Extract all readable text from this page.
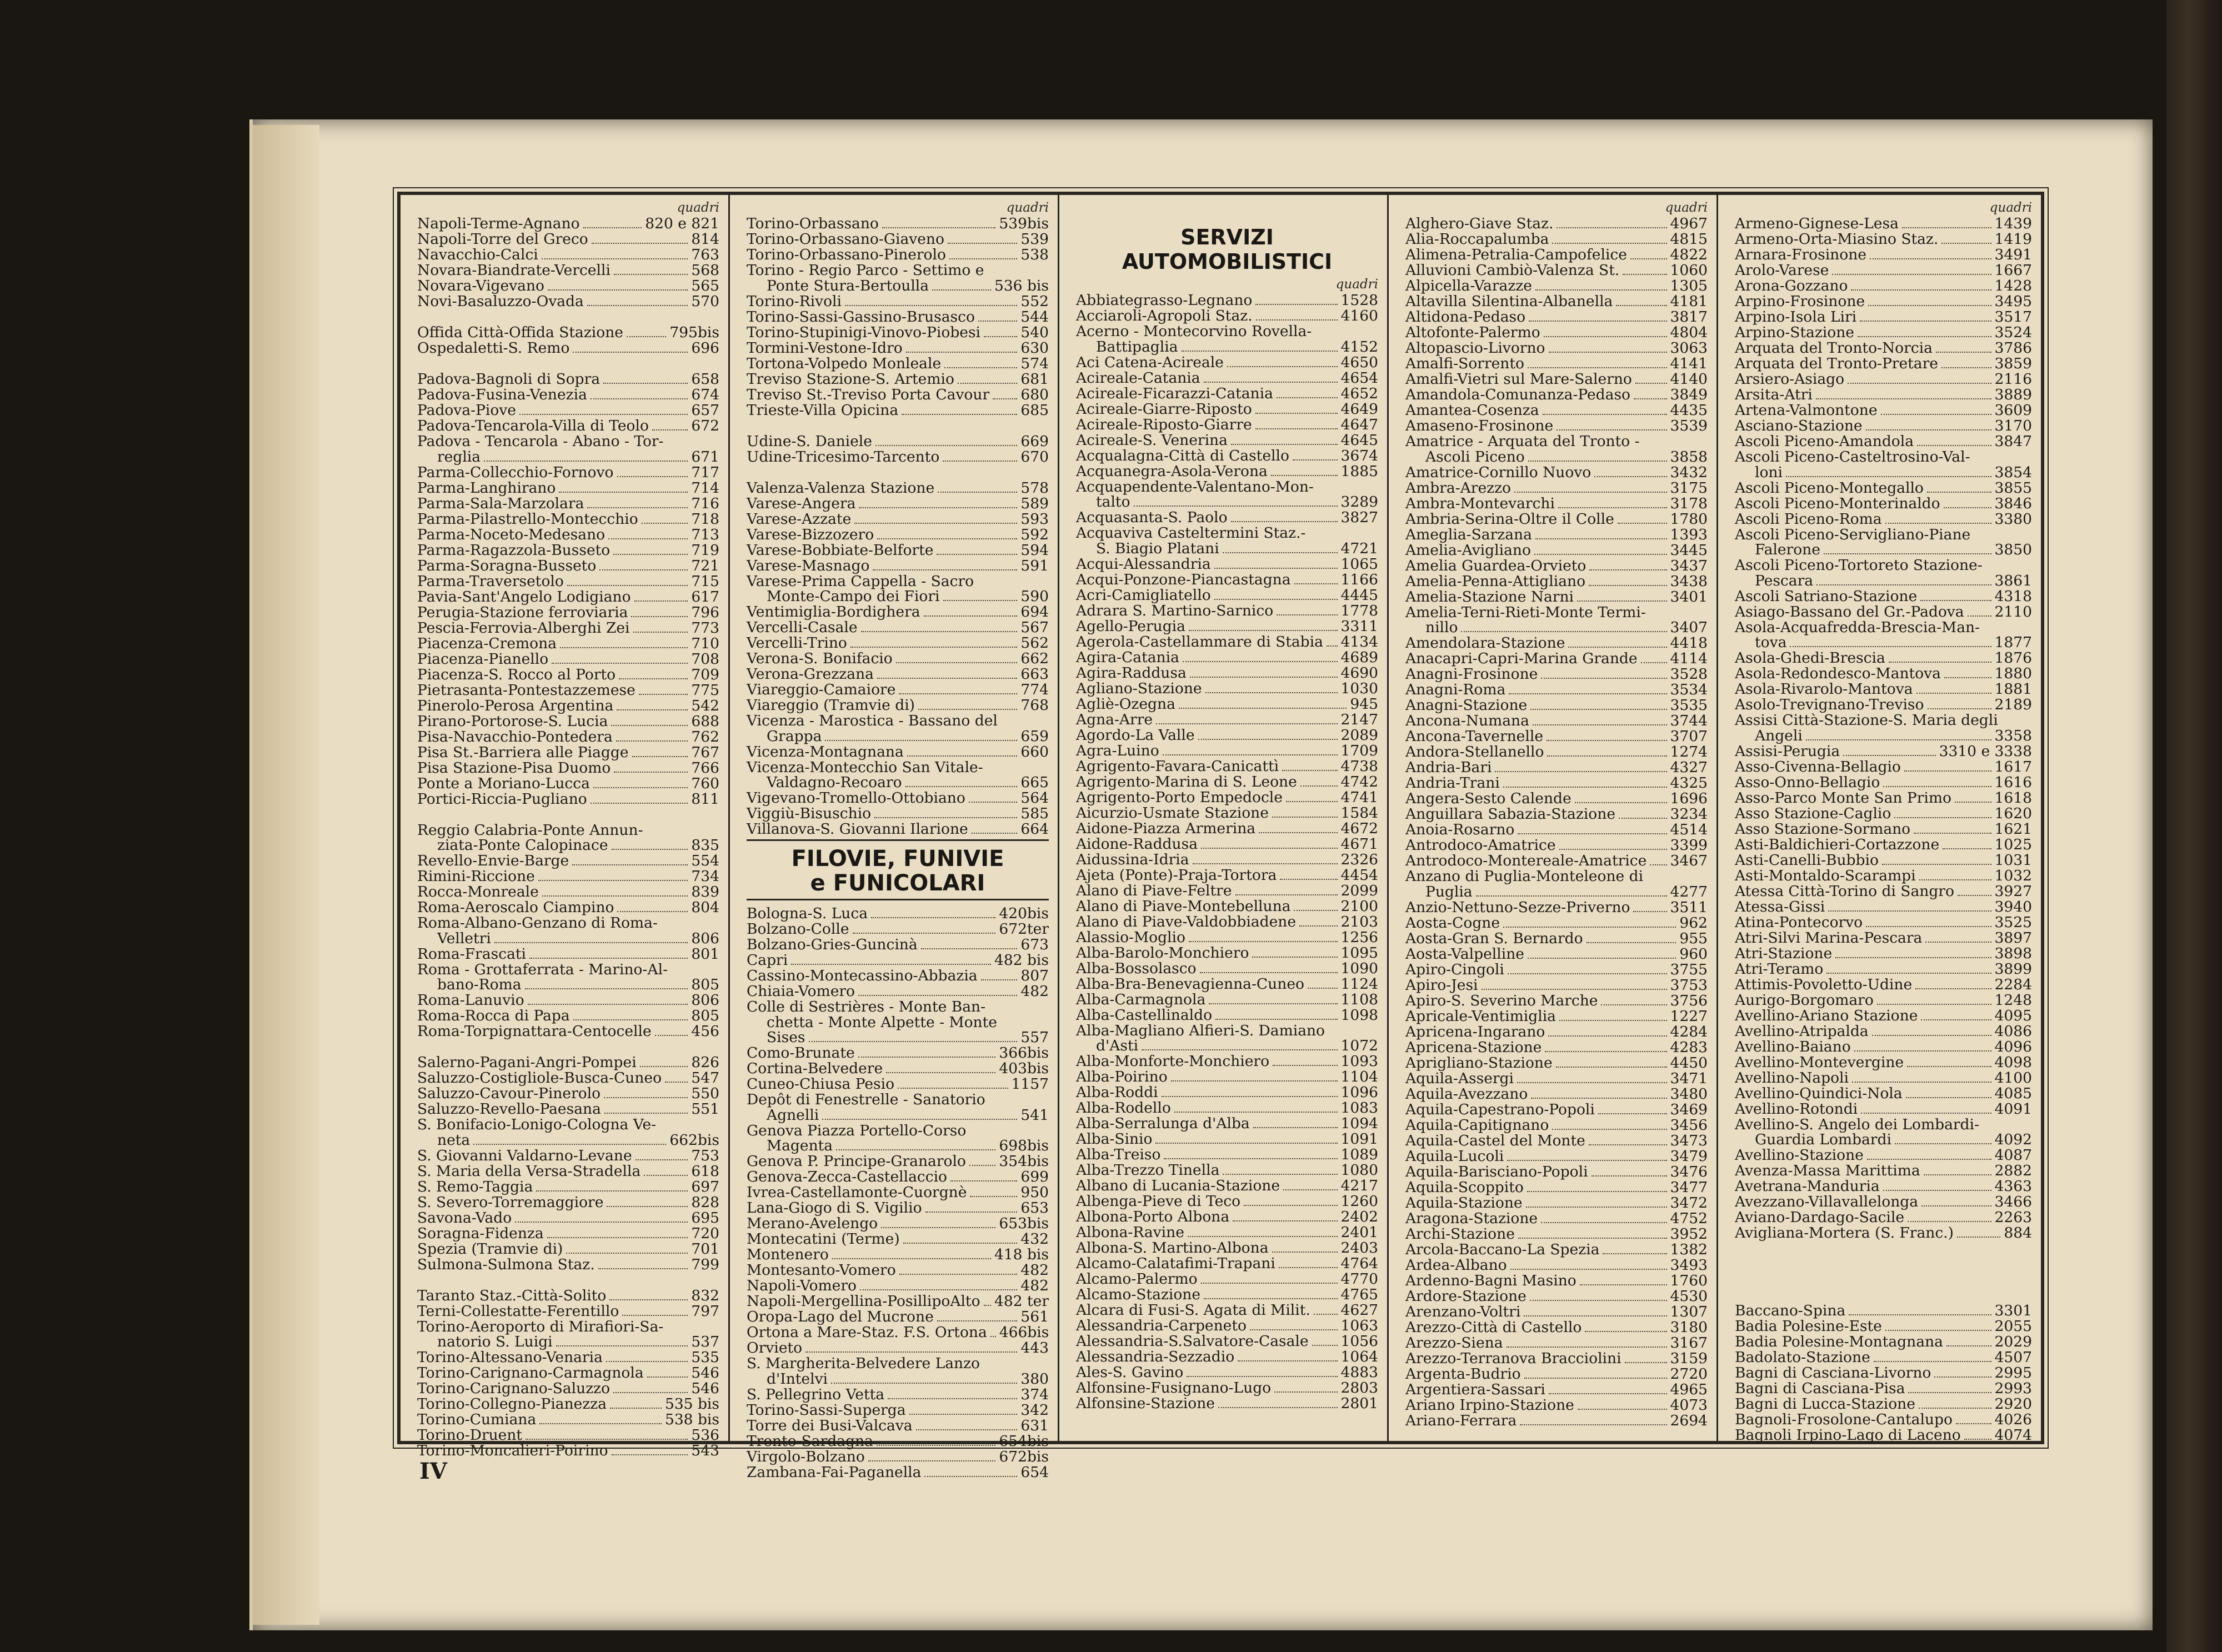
quadri
Napoli-Terme-Agnano	820 e 821
Napoli-Torre del Greco	814
Navacchio-Calci	763
Novara-Biandrate-Vercelli	568
Novara-Vigevano	565
Novi-Basaluzzo-Ovada	570
Offida Città-Offida Stazione	795bis
Ospedaletti-S. Remo	696
Padova-Bagnoli di Sopra	658
Padova-Fusina-Venezia	674
Padova-Piove	657
Padova-Tencarola-Villa di Teolo	672
Padova - Tencarola - Abano - Tor-
reglia	671
Parma-Collecchio-Fornovo	717
Parma-Langhirano	714
Parma-Sala-Marzolara	716
Parma-Pilastrello-Montecchio	718
Parma-Noceto-Medesano	713
Parma-Ragazzola-Busseto	719
Parma-Soragna-Busseto	721
Parma-Traversetolo	715
Pavia-Sant'Angelo Lodigiano	617
Perugia-Stazione ferroviaria	796
Pescia-Ferrovia-Alberghi Zei	773
Piacenza-Cremona	710
Piacenza-Pianello	708
Piacenza-S. Rocco al Porto	709
Pietrasanta-Pontestazzemese	775
Pinerolo-Perosa Argentina	542
Pirano-Portorose-S. Lucia	688
Pisa-Navacchio-Pontedera	762
Pisa St.-Barriera alle Piagge	767
Pisa Stazione-Pisa Duomo	766
Ponte a Moriano-Lucca	760
Portici-Riccia-Pugliano	811
Reggio Calabria-Ponte Annun-
ziata-Ponte Calopinace	835
Revello-Envie-Barge	554
Rimini-Riccione	734
Rocca-Monreale	839
Roma-Aeroscalo Ciampino	804
Roma-Albano-Genzano di Roma-
Velletri	806
Roma-Frascati	801
Roma - Grottaferrata - Marino-Al-
bano-Roma	805
Roma-Lanuvio	806
Roma-Rocca di Papa	805
Roma-Torpignattara-Centocelle	456
Salerno-Pagani-Angri-Pompei	826
Saluzzo-Costigliole-Busca-Cuneo 547
Saluzzo-Cavour-Pinerolo	550
Saluzzo-Revello-Paesana	551
S. Bonifacio-Lonigo-Cologna Ve-
neta	662bis
S. Giovanni Valdarno-Levane	753
S. Maria della Versa-Stradella	618
S. Remo-Taggia	697
S. Severo-Torremaggiore	828
Savona-Vado	695
Soragna-Fidenza	720
Spezia (Tramvie di)	701
Sulmona-Sulmona Staz.	799
Taranto Staz.-Città-Solito	832
Terni-Collestatte-Ferentillo	797
Torino-Aeroporto di Mirafiori-Sa-
natorio S. Luigi	537
Torino-Altessano-Venaria	535
Torino-Carignano-Carmagnola	546
Torino-Carignano-Saluzzo	546
Torino-Collegno-Pianezza	535 bis
Torino-Cumiana	538 bis
Torino-Druent	536
Torino-Moncalieri-Poirino	543
quadri
Torino-Orbassano	539bis
Torino-Orbassano-Giaveno	539
Torino-Orbassano-Pinerolo	538
Torino - Regio Parco - Settimo e
Ponte Stura-Bertoulla	536 bis
Torino-Rivoli	552
Torino-Sassi-Gassino-Brusasco	544
Torino-Stupinigi-Vinovo-Piobesi	540
Tormini-Vestone-Idro	630
Tortona-Volpedo Monleale	574
Treviso Stazione-S. Artemio	681
Treviso St.-Treviso Porta Cavour 680
Trieste-Villa Opicina	685
Udine-S. Daniele	669
Udine-Tricesimo-Tarcento	670
Valenza-Valenza Stazione	578
Varese-Angera	589
Varese-Azzate	593
Varese-Bizzozero	592
Varese-Bobbiate-Belforte	594
Varese-Masnago	591
Varese-Prima Cappella - Sacro
Monte-Campo dei Fiori	590
Ventimiglia-Bordighera	694
Vercelli-Casale	567
Vercelli-Trino	562
Verona-S. Bonifacio	662
Verona-Grezzana	663
Viareggio-Camaiore	774
Viareggio (Tramvie di)	768
Vicenza - Marostica - Bassano del
Grappa	659
Vicenza-Montagnana	660
Vicenza-Montecchio San Vitale-
Valdagno-Recoaro	665
Vigevano-Tromello-Ottobiano	564
Viggiù-Bisuschio	585
Villanova-S. Giovanni Ilarione	664
FILOVIE, FUNIVIE
e FUNICOLARI
Bologna-S. Luca	420bis
Bolzano-Colle	672ter
Bolzano-Gries-Guncinà	673
Capri	482 bis
Cassino-Montecassino-Abbazia	807
Chiaia-Vomero	482
Colle di Sestrières - Monte Ban-
chetta - Monte Alpette - Monte
Sises	557
Como-Brunate	366bis
Cortina-Belvedere	403bis
Cuneo-Chiusa Pesio	1157
Depôt di Fenestrelle - Sanatorio
Agnelli	541
Genova Piazza Portello-Corso
Magenta	698bis
Genova P. Principe-Granarolo 354bis
Genova-Zecca-Castellaccio	699
Ivrea-Castellamonte-Cuorgnè	950
Lana-Giogo di S. Vigilio	653
Merano-Avelengo	653bis
Montecatini (Terme)	432
Montenero	418 bis
Montesanto-Vomero	482
Napoli-Vomero	482
Napoli-Mergellina-PosillipoAlto 482 ter
Oropa-Lago del Mucrone	561
Ortona a Mare-Staz. F.S. Ortona 466bis
Orvieto	443
S. Margherita-Belvedere Lanzo
d'Intelvi	380
S. Pellegrino Vetta	374
Torino-Sassi-Superga	342
Torre dei Busi-Valcava	631
Trento-Sardagna	654bis
Virgolo-Bolzano	672bis
Zambana-Fai-Paganella	654
SERVIZI AUTOMOBILISTICI
quadri
Abbiategrasso-Legnano	1528
Acciaroli-Agropoli Staz.	4160
Acerno - Montecorvino Rovella-
Battipaglia	4152
Aci Catena-Acireale	4650
Acireale-Catania	4654
Acireale-Ficarazzi-Catania	4652
Acireale-Giarre-Riposto	4649
Acireale-Riposto-Giarre	4647
Acireale-S. Venerina	4645
Acqualagna-Città di Castello	3674
Acquanegra-Asola-Verona	1885
Acquapendente-Valentano-Mon-
talto	3289
Acquasanta-S. Paolo	3827
Acquaviva Casteltermini Staz.-
S. Biagio Platani	4721
Acqui-Alessandria	1065
Acqui-Ponzone-Piancastagna	1166
Acri-Camigliatello	4445
Adrara S. Martino-Sarnico	1778
Agello-Perugia	3311
Agerola-Castellammare di Stabia 4134
Agira-Catania	4689
Agira-Raddusa	4690
Agliano-Stazione	1030
Agliè-Ozegna	945
Agna-Arre	2147
Agordo-La Valle	2089
Agra-Luino	1709
Agrigento-Favara-Canicattì	4738
Agrigento-Marina di S. Leone	4742
Agrigento-Porto Empedocle	4741
Aicurzio-Usmate Stazione	1584
Aidone-Piazza Armerina	4672
Aidone-Raddusa	4671
Aidussina-Idria	2326
Ajeta (Ponte)-Praja-Tortora	4454
Alano di Piave-Feltre	2099
Alano di Piave-Montebelluna	2100
Alano di Piave-Valdobbiadene	2103
Alassio-Moglio	1256
Alba-Barolo-Monchiero	1095
Alba-Bossolasco	1090
Alba-Bra-Benevagienna-Cuneo 1124
Alba-Carmagnola	1108
Alba-Castellinaldo	1098
Alba-Magliano Alfieri-S. Damiano
d'Asti	1072
Alba-Monforte-Monchiero	1093
Alba-Poirino	1104
Alba-Roddi	1096
Alba-Rodello	1083
Alba-Serralunga d'Alba	1094
Alba-Sinio	1091
Alba-Treiso	1089
Alba-Trezzo Tinella	1080
Albano di Lucania-Stazione	4217
Albenga-Pieve di Teco	1260
Albona-Porto Albona	2402
Albona-Ravine	2401
Albona-S. Martino-Albona	2403
Alcamo-Calatafimi-Trapani	4764
Alcamo-Palermo	4770
Alcamo-Stazione	4765
Alcara di Fusi-S. Agata di Milit. 4627
Alessandria-Carpeneto	1063
Alessandria-S.Salvatore-Casale 1056
Alessandria-Sezzadio	1064
Ales-S. Gavino	4883
Alfonsine-Fusignano-Lugo	2803
Alfonsine-Stazione	2801
quadri
Alghero-Giave Staz.	4967
Alia-Roccapalumba	4815
Alimena-Petralia-Campofelice	4822
Alluvioni Cambiò-Valenza St.	1060
Alpicella-Varazze	1305
Altavilla Silentina-Albanella	4181
Altidona-Pedaso	3817
Altofonte-Palermo	4804
Altopascio-Livorno	3063
Amalfi-Sorrento	4141
Amalfi-Vietri sul Mare-Salerno	4140
Amandola-Comunanza-Pedaso	3849
Amantea-Cosenza	4435
Amaseno-Frosinone	3539
Amatrice - Arquata del Tronto -
Ascoli Piceno	3858
Amatrice-Cornillo Nuovo	3432
Ambra-Arezzo	3175
Ambra-Montevarchi	3178
Ambria-Serina-Oltre il Colle	1780
Ameglia-Sarzana	1393
Amelia-Avigliano	3445
Amelia Guardea-Orvieto	3437
Amelia-Penna-Attigliano	3438
Amelia-Stazione Narni	3401
Amelia-Terni-Rieti-Monte Termi-
nillo	3407
Amendolara-Stazione	4418
Anacapri-Capri-Marina Grande 4114
Anagni-Frosinone	3528
Anagni-Roma	3534
Anagni-Stazione	3535
Ancona-Numana	3744
Ancona-Tavernelle	3707
Andora-Stellanello	1274
Andria-Bari	4327
Andria-Trani	4325
Angera-Sesto Calende	1696
Anguillara Sabazia-Stazione	3234
Anoia-Rosarno	4514
Antrodoco-Amatrice	3399
Antrodoco-Montereale-Amatrice 3467
Anzano di Puglia-Monteleone di
Puglia	4277
Anzio-Nettuno-Sezze-Priverno	3511
Aosta-Cogne	962
Aosta-Gran S. Bernardo	955
Aosta-Valpelline	960
Apiro-Cingoli	3755
Apiro-Jesi	3753
Apiro-S. Severino Marche	3756
Apricale-Ventimiglia	1227
Apricena-Ingarano	4284
Apricena-Stazione	4283
Aprigliano-Stazione	4450
Aquila-Assergi	3471
Aquila-Avezzano	3480
Aquila-Capestrano-Popoli	3469
Aquila-Capitignano	3456
Aquila-Castel del Monte	3473
Aquila-Lucoli	3479
Aquila-Barisciano-Popoli	3476
Aquila-Scoppito	3477
Aquila-Stazione	3472
Aragona-Stazione	4752
Archi-Stazione	3952
Arcola-Baccano-La Spezia	1382
Ardea-Albano	3493
Ardenno-Bagni Masino	1760
Ardore-Stazione	4530
Arenzano-Voltri	1307
Arezzo-Città di Castello	3180
Arezzo-Siena	3167
Arezzo-Terranova Bracciolini	3159
Argenta-Budrio	2720
Argentiera-Sassari	4965
Ariano Irpino-Stazione	4073
Ariano-Ferrara	2694
quadri
Armeno-Gignese-Lesa	1439
Armeno-Orta-Miasino Staz.	1419
Arnara-Frosinone	3491
Arolo-Varese	1667
Arona-Gozzano	1428
Arpino-Frosinone	3495
Arpino-Isola Liri	3517
Arpino-Stazione	3524
Arquata del Tronto-Norcia	3786
Arquata del Tronto-Pretare	3859
Arsiero-Asiago	2116
Arsita-Atri	3889
Artena-Valmontone	3609
Asciano-Stazione	3170
Ascoli Piceno-Amandola	3847
Ascoli Piceno-Casteltrosino-Val-
loni	3854
Ascoli Piceno-Montegallo	3855
Ascoli Piceno-Monterinaldo	3846
Ascoli Piceno-Roma	3380
Ascoli Piceno-Servigliano-Piane
Falerone	3850
Ascoli Piceno-Tortoreto Stazione-
Pescara	3861
Ascoli Satriano-Stazione	4318
Asiago-Bassano del Gr.-Padova 2110
Asola-Acquafredda-Brescia-Man-
tova	1877
Asola-Ghedi-Brescia	1876
Asola-Redondesco-Mantova	1880
Asola-Rivarolo-Mantova	1881
Asolo-Trevignano-Treviso	2189
Assisi Città-Stazione-S. Maria degli
Angeli	3358
Assisi-Perugia	3310 e 3338
Asso-Civenna-Bellagio	1617
Asso-Onno-Bellagio	1616
Asso-Parco Monte San Primo	1618
Asso Stazione-Caglio	1620
Asso Stazione-Sormano	1621
Asti-Baldichieri-Cortazzone	1025
Asti-Canelli-Bubbio	1031
Asti-Montaldo-Scarampi	1032
Atessa Città-Torino di Sangro	3927
Atessa-Gissi	3940
Atina-Pontecorvo	3525
Atri-Silvi Marina-Pescara	3897
Atri-Stazione	3898
Atri-Teramo	3899
Attimis-Povoletto-Udine	2284
Aurigo-Borgomaro	1248
Avellino-Ariano Stazione	4095
Avellino-Atripalda	4086
Avellino-Baiano	4096
Avellino-Montevergine	4098
Avellino-Napoli	4100
Avellino-Quindici-Nola	4085
Avellino-Rotondi	4091
Avellino-S. Angelo dei Lombardi-
Guardia Lombardi	4092
Avellino-Stazione	4087
Avenza-Massa Marittima	2882
Avetrana-Manduria	4363
Avezzano-Villavallelonga	3466
Aviano-Dardago-Sacile	2263
Avigliana-Mortera (S. Franc.)	884
Baccano-Spina	3301
Badia Polesine-Este	2055
Badia Polesine-Montagnana	2029
Badolato-Stazione	4507
Bagni di Casciana-Livorno	2995
Bagni di Casciana-Pisa	2993
Bagni di Lucca-Stazione	2920
Bagnoli-Frosolone-Cantalupo	4026
Bagnoli Irpino-Lago di Laceno 4074
IV
